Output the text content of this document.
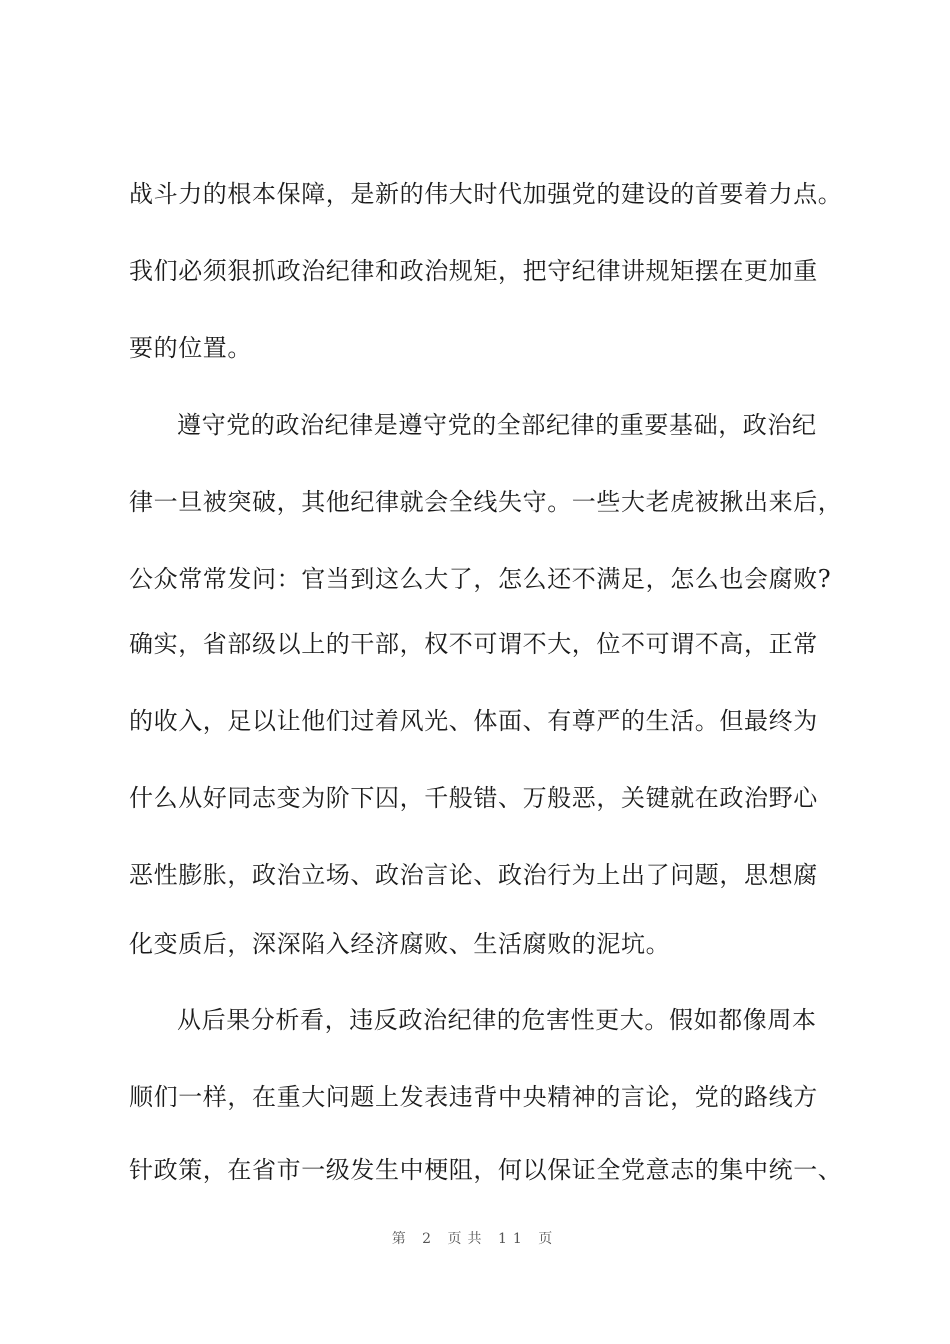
战斗力的根本保障，是新的伟大时代加强党的建设的首要着力点。
我们必须狠抓政治纪律和政治规矩，把守纪律讲规矩摆在更加重
要的位置。
遵守党的政治纪律是遵守党的全部纪律的重要基础，政治纪
律一旦被突破，其他纪律就会全线失守。一些大老虎被揪出来后，
公众常常发问：官当到这么大了，怎么还不满足，怎么也会腐败?
确实，省部级以上的干部，权不可谓不大，位不可谓不高，正常
的收入，足以让他们过着风光、体面、有尊严的生活。但最终为
什么从好同志变为阶下囚，千般错、万般恶，关键就在政治野心
恶性膨胀，政治立场、政治言论、政治行为上出了问题，思想腐
化变质后，深深陷入经济腐败、生活腐败的泥坑。
从后果分析看，违反政治纪律的危害性更大。假如都像周本
顺们一样，在重大问题上发表违背中央精神的言论，党的路线方
针政策，在省市一级发生中梗阻，何以保证全党意志的集中统一、
第 2 页共 11 页
